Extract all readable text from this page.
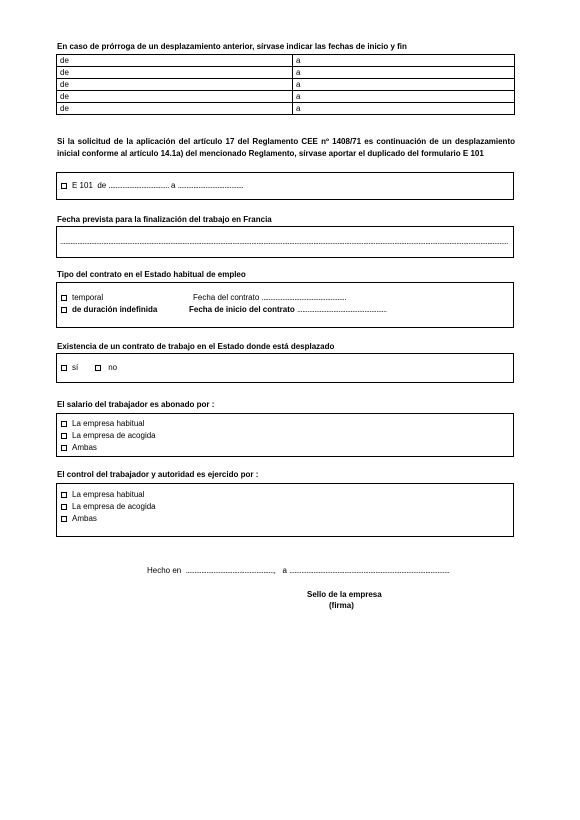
En caso de prórroga de un desplazamiento anterior, sírvase indicar las fechas de inicio y fin
de	a
de	a
de	a
de	a
de	a
Si la solicitud de la aplicación del artículo 17 del Reglamento CEE nº 1408/71 es continuación de un desplazamiento inicial conforme al artículo 14.1a) del mencionado Reglamento, sírvase aportar el duplicado del formulario E 101
E 101 de ................................... a ......................................
Fecha prevista para la finalización del trabajo en Francia
....................................................................................................................................................................................................................................................................
Tipo del contrato en el Estado habitual de empleo
temporal	Fecha del contrato .................................................
de duración indefinida	Fecha de inicio del contrato ....................................................
Existencia de un contrato de trabajo en el Estado donde está desplazado
sí	no
El salario del trabajador es abonado por :
La empresa habitual
La empresa de acogida
Ambas
El control del trabajador y autoridad es ejercido por :
La empresa habitual
La empresa de acogida
Ambas
Hecho en ...................................................,   a .............................................................................................
Sello de la empresa
(firma)
